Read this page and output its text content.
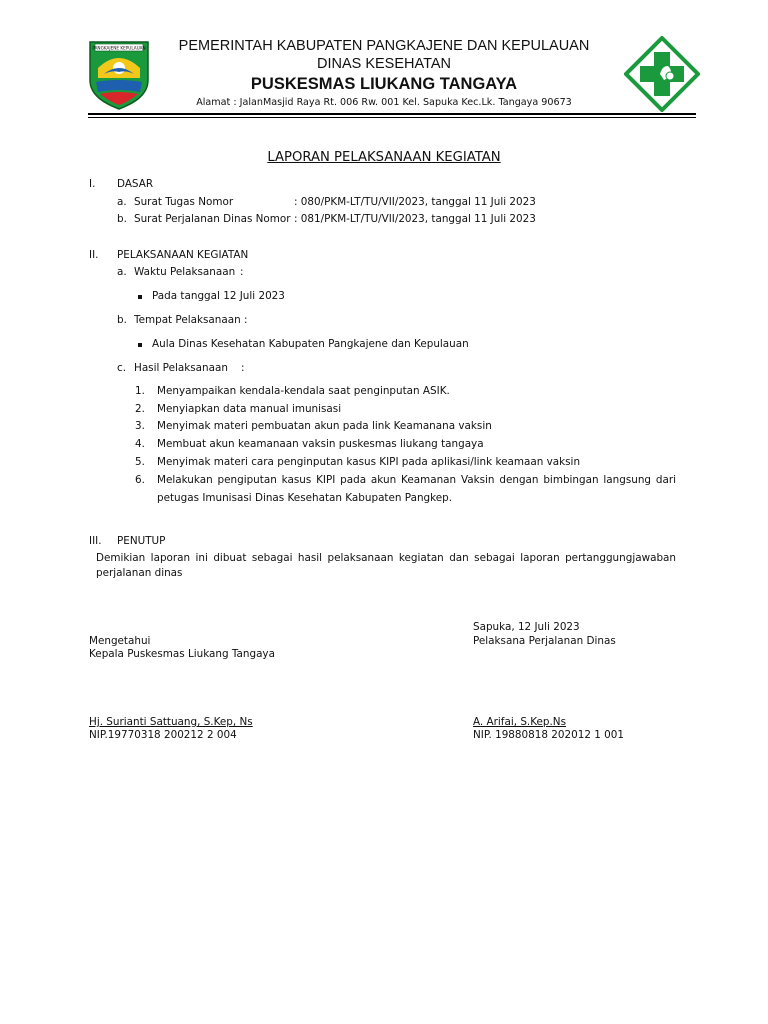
PANGKAJENE KEPULAUAN	PEMERINTAH KABUPATEN PANGKAJENE DAN KEPULAUAN
DINAS KESEHATAN
PUSKESMAS LIUKANG TANGAYA
Alamat : JalanMasjid Raya Rt. 006 Rw. 001 Kel. Sapuka Kec.Lk. Tangaya 90673
LAPORAN PELAKSANAAN KEGIATAN
I. DASAR
a. Surat Tugas Nomor	: 080/PKM-LT/TU/VII/2023, tanggal 11 Juli 2023
b. Surat Perjalanan Dinas Nomor : 081/PKM-LT/TU/VII/2023, tanggal 11 Juli 2023
II. PELAKSANAAN KEGIATAN
a. Waktu Pelaksanaan :
Pada tanggal 12 Juli 2023
b. Tempat Pelaksanaan :
Aula Dinas Kesehatan Kabupaten Pangkajene dan Kepulauan
c. Hasil Pelaksanaan :
1. Menyampaikan kendala-kendala saat penginputan ASIK.
2. Menyiapkan data manual imunisasi
3. Menyimak materi pembuatan akun pada link Keamanana vaksin
4. Membuat akun keamanaan vaksin puskesmas liukang tangaya
5. Menyimak materi cara penginputan kasus KIPI pada aplikasi/link keamaan vaksin
6. Melakukan pengiputan kasus KIPI pada akun Keamanan Vaksin dengan bimbingan langsung dari
petugas Imunisasi Dinas Kesehatan Kabupaten Pangkep.
III. PENUTUP
Demikian laporan ini dibuat sebagai hasil pelaksanaan kegiatan dan sebagai laporan pertanggungjawaban
perjalanan dinas
Sapuka, 12 Juli 2023
Pelaksana Perjalanan Dinas
Mengetahui
Kepala Puskesmas Liukang Tangaya
Hj. Surianti Sattuang, S.Kep, Ns
NIP.19770318 200212 2 004
A. Arifai, S.Kep.Ns
NIP. 19880818 202012 1 001
